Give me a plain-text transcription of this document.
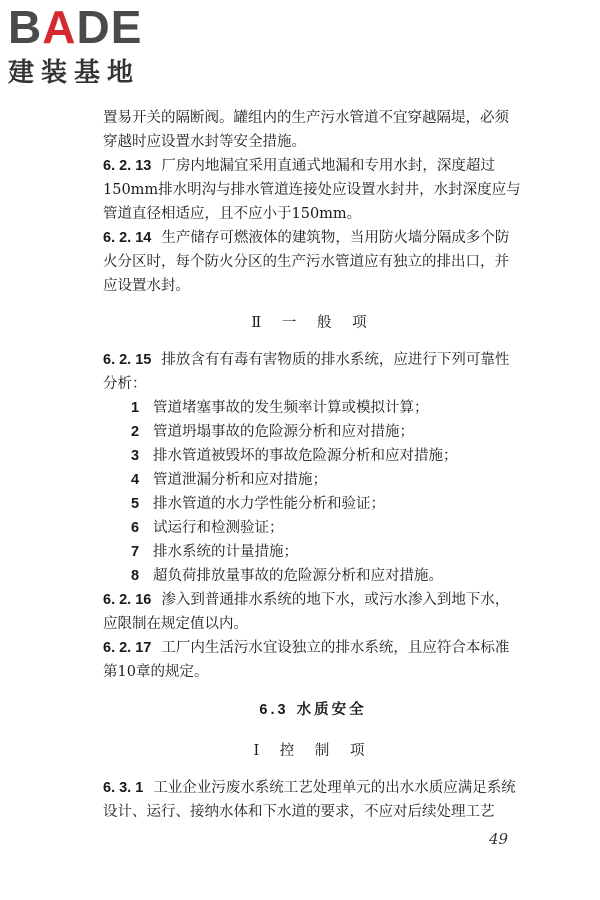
BADE
建装基地

置易开关的隔断阀。罐组内的生产污水管道不宜穿越隔堤，必须穿越时应设置水封等安全措施。

6. 2. 13 厂房内地漏宜采用直通式地漏和专用水封，深度超过150mm排水明沟与排水管道连接处应设置水封井，水封深度应与管道直径相适应，且不应小于150mm。

6. 2. 14 生产储存可燃液体的建筑物，当用防火墙分隔成多个防火分区时，每个防火分区的生产污水管道应有独立的排出口，并应设置水封。

Ⅱ 一 般 项

6. 2. 15 排放含有有毒有害物质的排水系统，应进行下列可靠性分析：

1 管道堵塞事故的发生频率计算或模拟计算；
2 管道坍塌事故的危险源分析和应对措施；
3 排水管道被毁坏的事故危险源分析和应对措施；
4 管道泄漏分析和应对措施；
5 排水管道的水力学性能分析和验证；
6 试运行和检测验证；
7 排水系统的计量措施；
8 超负荷排放量事故的危险源分析和应对措施。

6. 2. 16 渗入到普通排水系统的地下水，或污水渗入到地下水，应限制在规定值以内。

6. 2. 17 工厂内生活污水宜设独立的排水系统，且应符合本标准第10章的规定。

6.3 水质安全
Ⅰ 控 制 项

6. 3. 1 工业企业污废水系统工艺处理单元的出水水质应满足系统设计、运行、接纳水体和下水道的要求，不应对后续处理工艺

49
